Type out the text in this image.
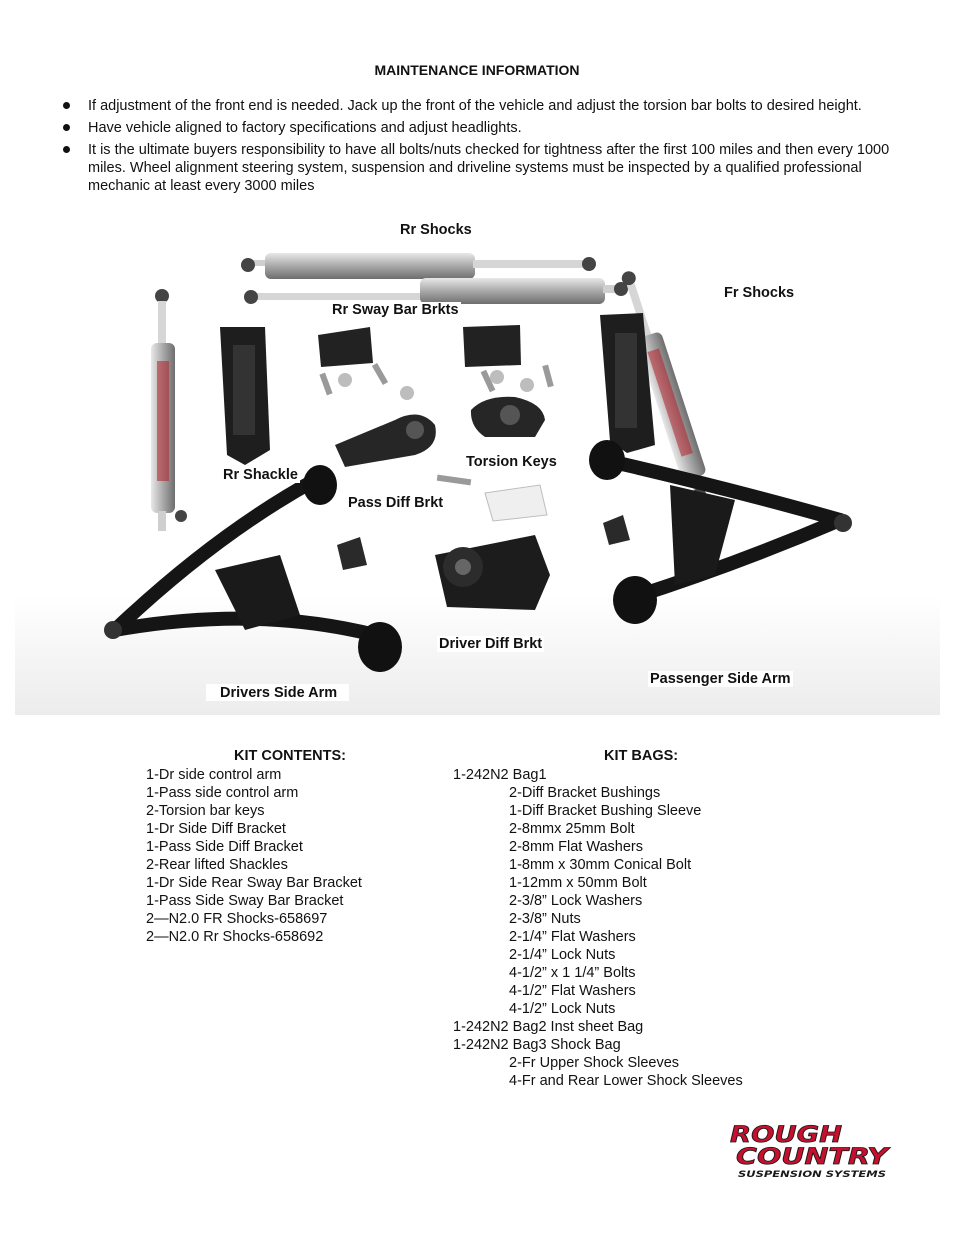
MAINTENANCE INFORMATION
If adjustment of the front end is needed. Jack up the front of the vehicle and adjust the torsion bar bolts to desired height.
Have vehicle aligned to factory specifications and adjust headlights.
It is the ultimate buyers responsibility to have all bolts/nuts checked for tightness after the first 100 miles and then every 1000 miles. Wheel alignment steering system, suspension and driveline systems must be inspected by a qualified professional mechanic at least every 3000 miles
Rr Shocks
Fr Shocks
Rr Sway Bar Brkts
Torsion Keys
Rr Shackle
Pass Diff Brkt
Driver Diff Brkt
Passenger Side Arm
Drivers Side Arm
KIT CONTENTS:
1-Dr side control arm
1-Pass side control arm
2-Torsion bar keys
1-Dr Side Diff Bracket
1-Pass Side Diff Bracket
2-Rear lifted Shackles
1-Dr Side Rear Sway Bar Bracket
1-Pass Side Sway Bar Bracket
2—N2.0 FR Shocks-658697
2—N2.0 Rr Shocks-658692
KIT BAGS:
1-242N2 Bag1
2-Diff Bracket Bushings
1-Diff Bracket Bushing Sleeve
2-8mmx 25mm Bolt
2-8mm Flat Washers
1-8mm x 30mm Conical Bolt
1-12mm x 50mm Bolt
2-3/8” Lock Washers
2-3/8” Nuts
2-1/4” Flat Washers
2-1/4” Lock Nuts
4-1/2” x 1 1/4” Bolts
4-1/2” Flat Washers
4-1/2” Lock Nuts
1-242N2 Bag2 Inst sheet Bag
1-242N2 Bag3 Shock Bag
2-Fr Upper Shock Sleeves
4-Fr and Rear Lower Shock Sleeves
ROUGH
COUNTRY
SUSPENSION SYSTEMS
